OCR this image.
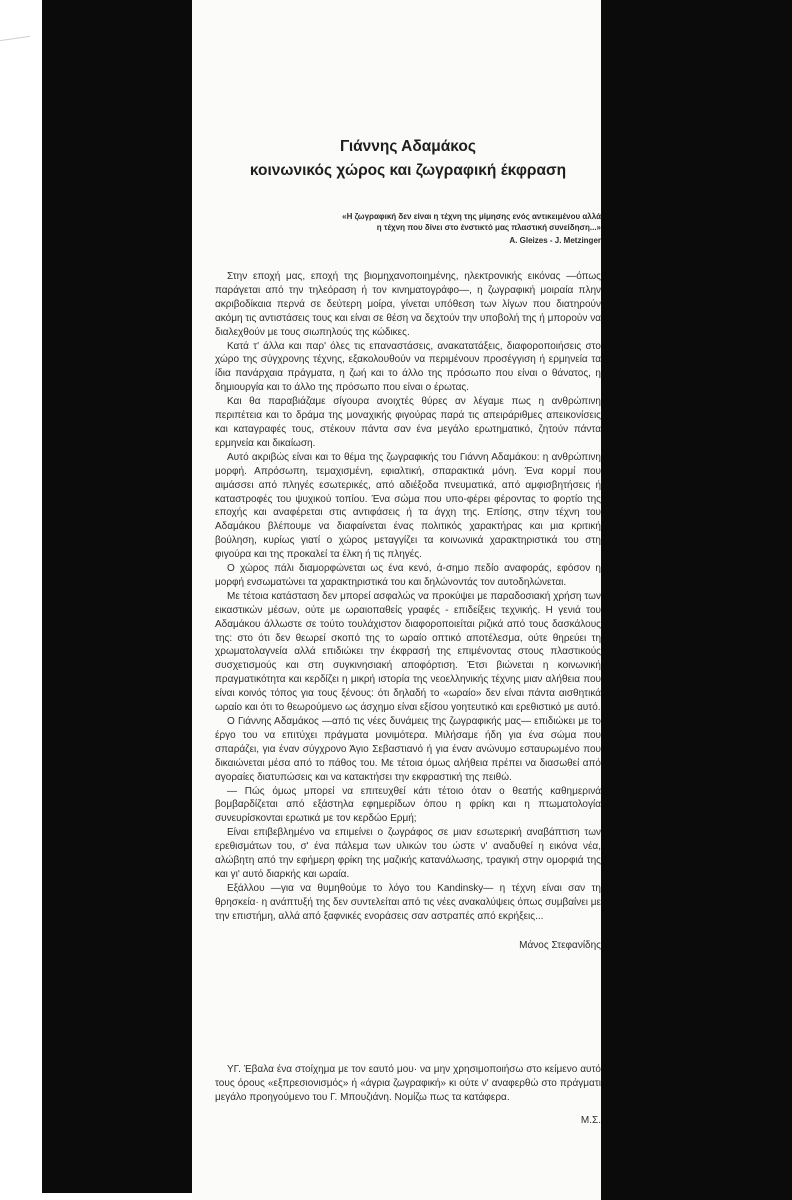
Γιάννης Αδαμάκος
κοινωνικός χώρος και ζωγραφική έκφραση
«Η ζωγραφική δεν είναι η τέχνη της μίμησης ενός αντικειμένου αλλά
η τέχνη που δίνει στο ένστικτό μας πλαστική συνείδηση...»
A. Gleizes - J. Metzinger

Στην εποχή μας, εποχή της βιομηχανοποιημένης, ηλεκτρονικής εικόνας —όπως παράγεται από την τηλεόραση ή τον κινηματογράφο—, η ζωγραφική μοιραία πλην ακριβοδίκαια περνά σε δεύτερη μοίρα, γίνεται υπόθεση των λίγων που διατηρούν ακόμη τις αντιστάσεις τους και είναι σε θέση να δεχτούν την υποβολή της ή μπορούν να διαλεχθούν με τους σιωπηλούς της κώδικες.

Κατά τ' άλλα και παρ' όλες τις επαναστάσεις, ανακατατάξεις, διαφοροποιήσεις στο χώρο της σύγχρονης τέχνης, εξακολουθούν να περιμένουν προσέγγιση ή ερμηνεία τα ίδια πανάρχαια πράγματα, η ζωή και το άλλο της πρόσωπο που είναι ο θάνατος, η δημιουργία και το άλλο της πρόσωπο που είναι ο έρωτας.

Και θα παραβιάζαμε σίγουρα ανοιχτές θύρες αν λέγαμε πως η ανθρώπινη περιπέτεια και το δράμα της μοναχικής φιγούρας παρά τις απειράριθμες απεικονίσεις και καταγραφές τους, στέκουν πάντα σαν ένα μεγάλο ερωτηματικό, ζητούν πάντα ερμηνεία και δικαίωση.

Αυτό ακριβώς είναι και το θέμα της ζωγραφικής του Γιάννη Αδαμάκου: η ανθρώπινη μορφή. Απρόσωπη, τεμαχισμένη, εφιαλτική, σπαρακτικά μόνη. Ένα κορμί που αιμάσσει από πληγές εσωτερικές, από αδιέξοδα πνευματικά, από αμφισβητήσεις ή καταστροφές του ψυχικού τοπίου. Ένα σώμα που υπο-φέρει φέροντας το φορτίο της εποχής και αναφέρεται στις αντιφάσεις ή τα άγχη της. Επίσης, στην τέχνη του Αδαμάκου βλέπουμε να διαφαίνεται ένας πολιτικός χαρακτήρας και μια κριτική βούληση, κυρίως γιατί ο χώρος μεταγγίζει τα κοινωνικά χαρακτηριστικά του στη φιγούρα και της προκαλεί τα έλκη ή τις πληγές.

Ο χώρος πάλι διαμορφώνεται ως ένα κενό, ά-σημο πεδίο αναφοράς, εφόσον η μορφή ενσωματώνει τα χαρακτηριστικά του και δηλώνοντάς τον αυτοδηλώνεται.

Με τέτοια κατάσταση δεν μπορεί ασφαλώς να προκύψει με παραδοσιακή χρήση των εικαστικών μέσων, ούτε με ωραιοπαθείς γραφές - επιδείξεις τεχνικής. Η γενιά του Αδαμάκου άλλωστε σε τούτο τουλάχιστον διαφοροποιείται ριζικά από τους δασκάλους της: στο ότι δεν θεωρεί σκοπό της το ωραίο οπτικό αποτέλεσμα, ούτε θηρεύει τη χρωματολαγνεία αλλά επιδιώκει την έκφρασή της επιμένοντας στους πλαστικούς συσχετισμούς και στη συγκινησιακή αποφόρτιση. Έτσι βιώνεται η κοινωνική πραγματικότητα και κερδίζει η μικρή ιστορία της νεοελληνικής τέχνης μιαν αλήθεια που είναι κοινός τόπος για τους ξένους: ότι δηλαδή το «ωραίο» δεν είναι πάντα αισθητικά ωραίο και ότι το θεωρούμενο ως άσχημο είναι εξίσου γοητευτικό και ερεθιστικό με αυτό.

Ο Γιάννης Αδαμάκος —από τις νέες δυνάμεις της ζωγραφικής μας— επιδιώκει με το έργο του να επιτύχει πράγματα μονιμότερα. Μιλήσαμε ήδη για ένα σώμα που σπαράζει, για έναν σύγχρονο Άγιο Σεβαστιανό ή για έναν ανώνυμο εσταυρωμένο που δικαιώνεται μέσα από το πάθος του. Με τέτοια όμως αλήθεια πρέπει να διασωθεί από αγοραίες διατυπώσεις και να κατακτήσει την εκφραστική της πειθώ.

— Πώς όμως μπορεί να επιτευχθεί κάτι τέτοιο όταν ο θεατής καθημερινά βομβαρδίζεται από εξάστηλα εφημερίδων όπου η φρίκη και η πτωματολογία συνευρίσκονται ερωτικά με τον κερδώο Ερμή;

Είναι επιβεβλημένο να επιμείνει ο ζωγράφος σε μιαν εσωτερική αναβάπτιση των ερεθισμάτων του, σ' ένα πάλεμα των υλικών του ώστε ν' αναδυθεί η εικόνα νέα, αλώβητη από την εφήμερη φρίκη της μαζικής κατανάλωσης, τραγική στην ομορφιά της και γι' αυτό διαρκής και ωραία.

Εξάλλου —για να θυμηθούμε το λόγο του Kandinsky— η τέχνη είναι σαν τη θρησκεία· η ανάπτυξή της δεν συντελείται από τις νέες ανακαλύψεις όπως συμβαίνει με την επιστήμη, αλλά από ξαφνικές ενοράσεις σαν αστραπές από εκρήξεις...

Μάνος Στεφανίδης

ΥΓ. Έβαλα ένα στοίχημα με τον εαυτό μου· να μην χρησιμοποιήσω στο κείμενο αυτό τους όρους «εξπρεσιονισμός» ή «άγρια ζωγραφική» κι ούτε ν' αναφερθώ στο πράγματι μεγάλο προηγούμενο του Γ. Μπουζιάνη. Νομίζω πως τα κατάφερα.

Μ.Σ.
